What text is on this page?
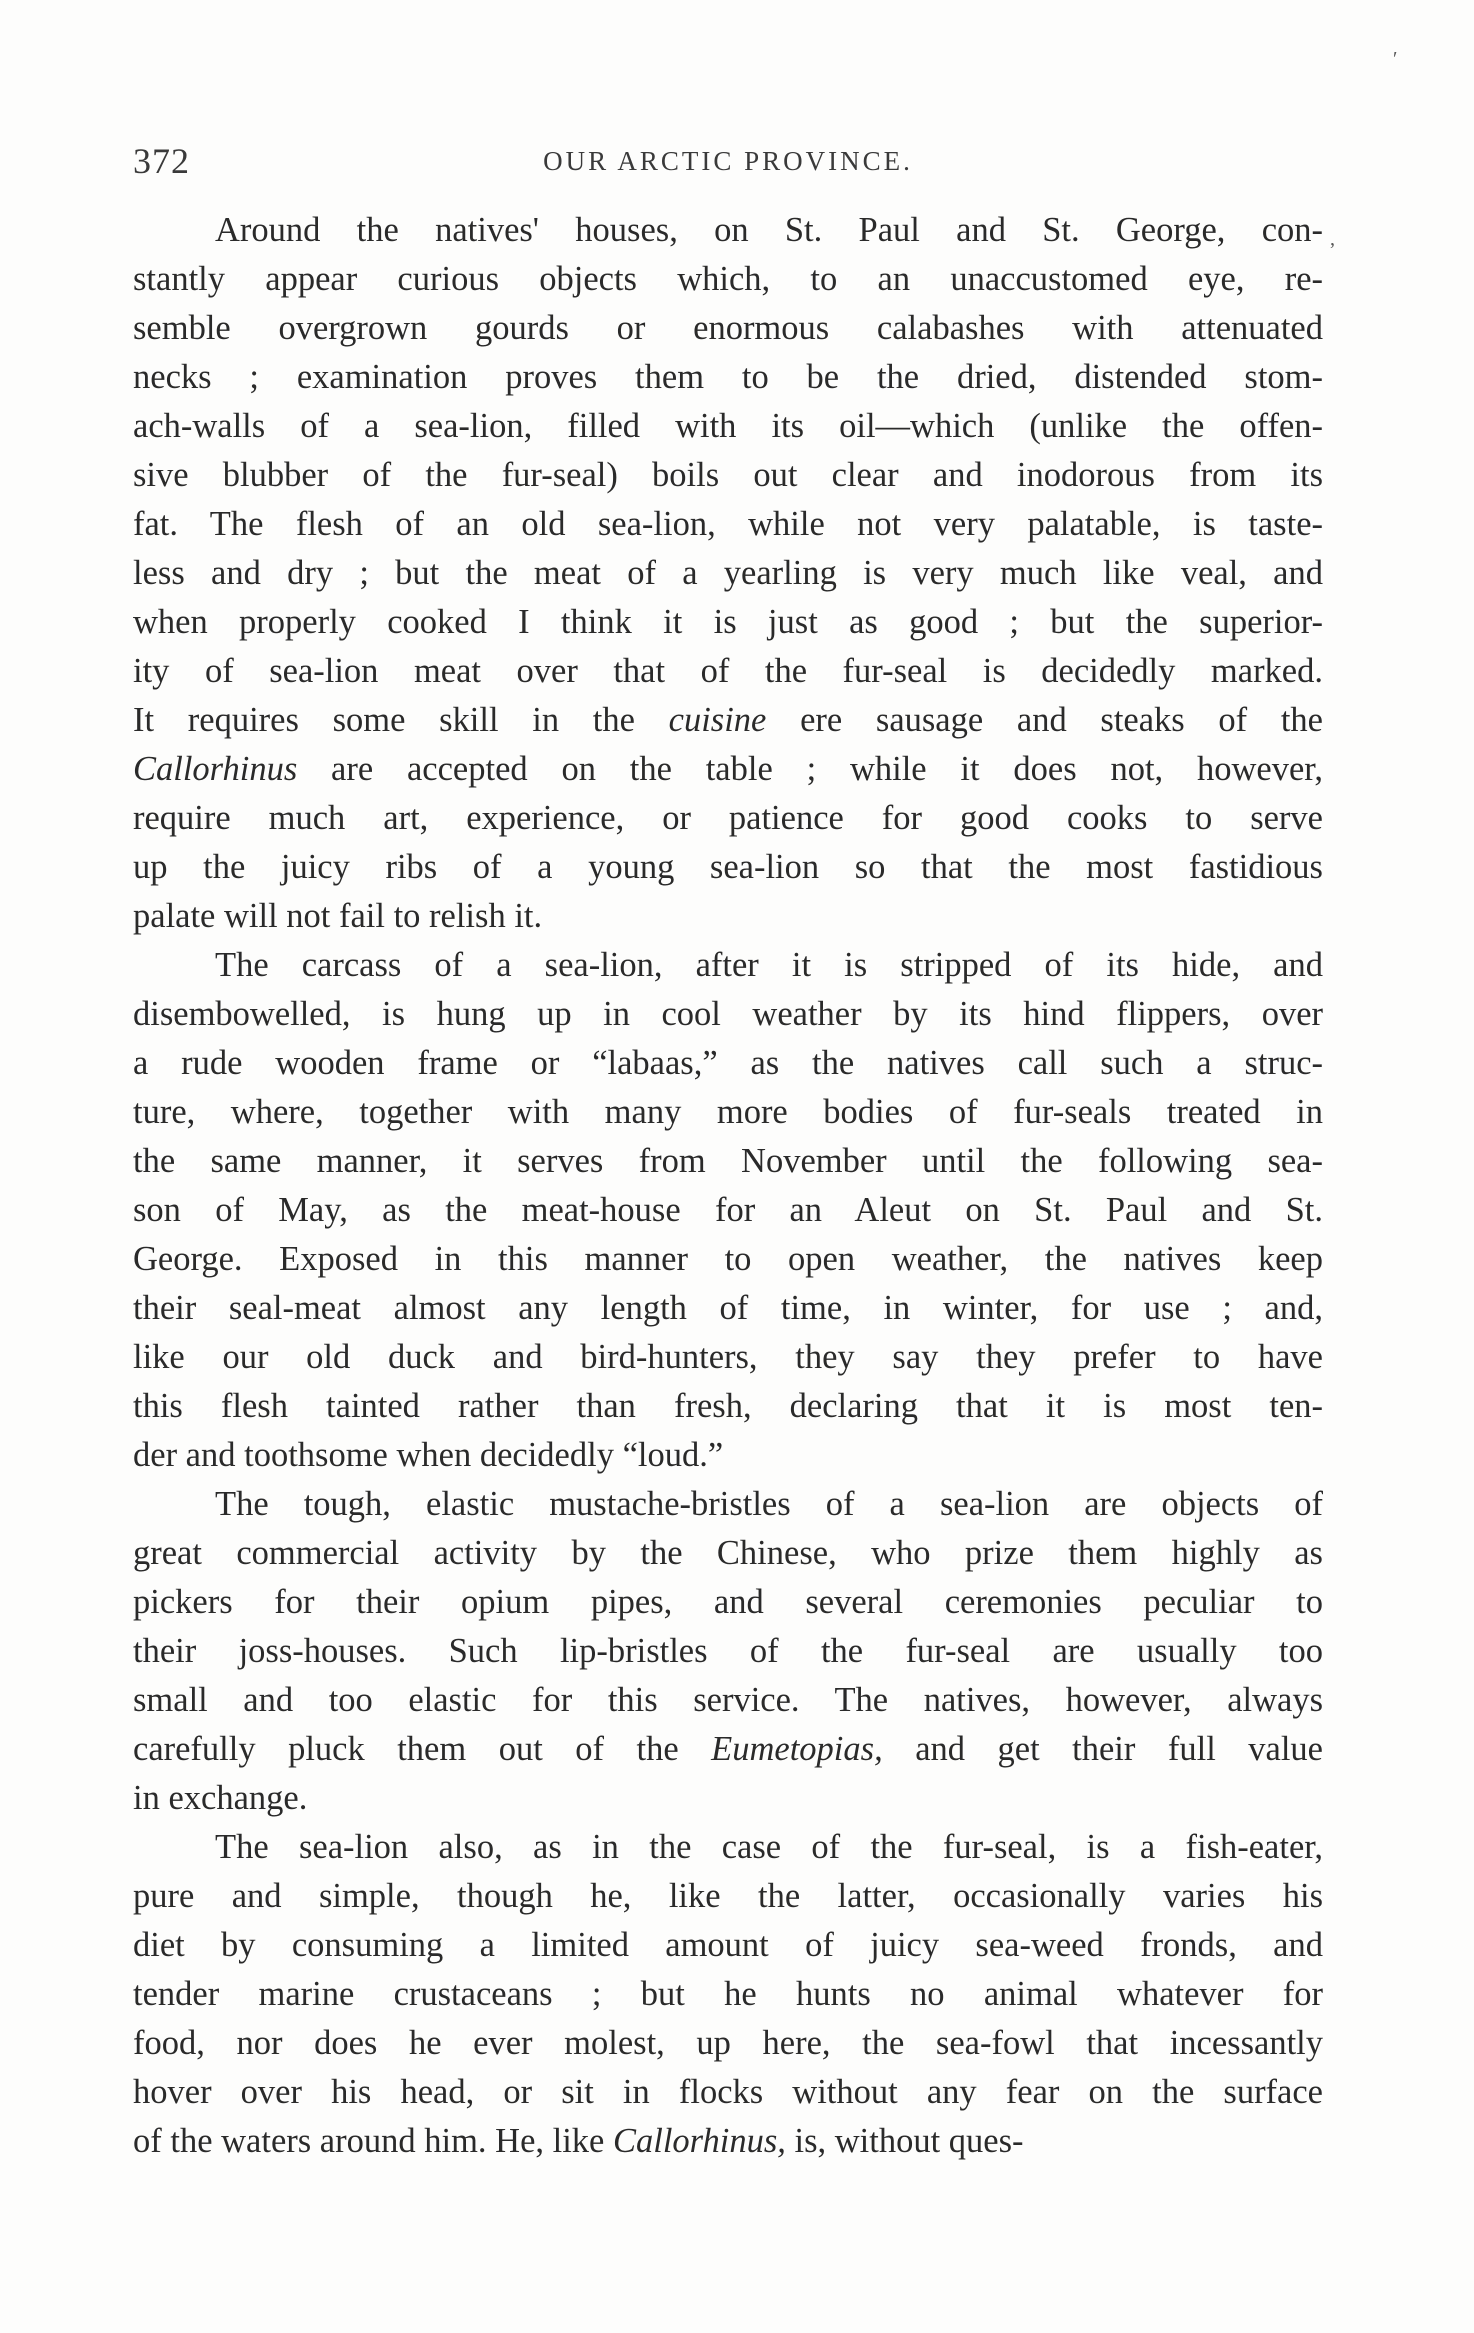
372	OUR ARCTIC PROVINCE.
′
,
Around the natives' houses, on St. Paul and St. George, con-
stantly appear curious objects which, to an unaccustomed eye, re-
semble overgrown gourds or enormous calabashes with attenuated
necks ; examination proves them to be the dried, distended stom-
ach-walls of a sea-lion, filled with its oil—which (unlike the offen-
sive blubber of the fur-seal) boils out clear and inodorous from its
fat. The flesh of an old sea-lion, while not very palatable, is taste-
less and dry ; but the meat of a yearling is very much like veal, and
when properly cooked I think it is just as good ; but the superior-
ity of sea-lion meat over that of the fur-seal is decidedly marked.
It requires some skill in the cuisine ere sausage and steaks of the
Callorhinus are accepted on the table ; while it does not, however,
require much art, experience, or patience for good cooks to serve
up the juicy ribs of a young sea-lion so that the most fastidious
palate will not fail to relish it.
The carcass of a sea-lion, after it is stripped of its hide, and
disembowelled, is hung up in cool weather by its hind flippers, over
a rude wooden frame or “labaas,” as the natives call such a struc-
ture, where, together with many more bodies of fur-seals treated in
the same manner, it serves from November until the following sea-
son of May, as the meat-house for an Aleut on St. Paul and St.
George. Exposed in this manner to open weather, the natives keep
their seal-meat almost any length of time, in winter, for use ; and,
like our old duck and bird-hunters, they say they prefer to have
this flesh tainted rather than fresh, declaring that it is most ten-
der and toothsome when decidedly “loud.”
The tough, elastic mustache-bristles of a sea-lion are objects of
great commercial activity by the Chinese, who prize them highly as
pickers for their opium pipes, and several ceremonies peculiar to
their joss-houses. Such lip-bristles of the fur-seal are usually too
small and too elastic for this service. The natives, however, always
carefully pluck them out of the Eumetopias, and get their full value
in exchange.
The sea-lion also, as in the case of the fur-seal, is a fish-eater,
pure and simple, though he, like the latter, occasionally varies his
diet by consuming a limited amount of juicy sea-weed fronds, and
tender marine crustaceans ; but he hunts no animal whatever for
food, nor does he ever molest, up here, the sea-fowl that incessantly
hover over his head, or sit in flocks without any fear on the surface
of the waters around him. He, like Callorhinus, is, without ques-
